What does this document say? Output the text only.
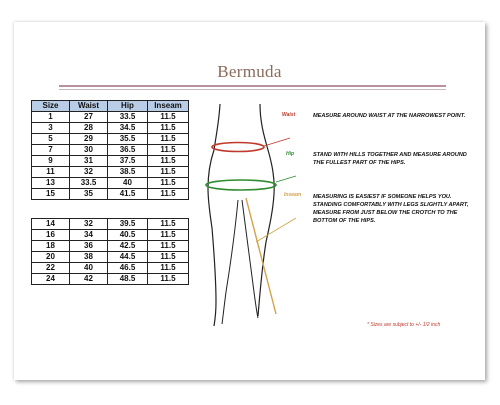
Bermuda
Size	Waist	Hip	Inseam
1	27	33.5	11.5
3	28	34.5	11.5
5	29	35.5	11.5
7	30	36.5	11.5
9	31	37.5	11.5
11	32	38.5	11.5
13	33.5	40	11.5
15	35	41.5	11.5
14	32	39.5	11.5
16	34	40.5	11.5
18	36	42.5	11.5
20	38	44.5	11.5
22	40	46.5	11.5
24	42	48.5	11.5
Waist
Hip
Inseam
MEASURE AROUND WAIST AT THE NARROWEST POINT.
STAND WITH HILLS TOGETHER AND MEASURE AROUND
THE FULLEST PART OF THE HIPS.
MEASURING IS EASIEST IF SOMEONE HELPS YOU.
STANDING COMFORTABLY WITH LEGS SLIGHTLY APART,
MEASURE FROM JUST BELOW THE CROTCH TO THE
BOTTOM OF THE HIPS.
* Sizes are subject to +/- 1/2 inch
